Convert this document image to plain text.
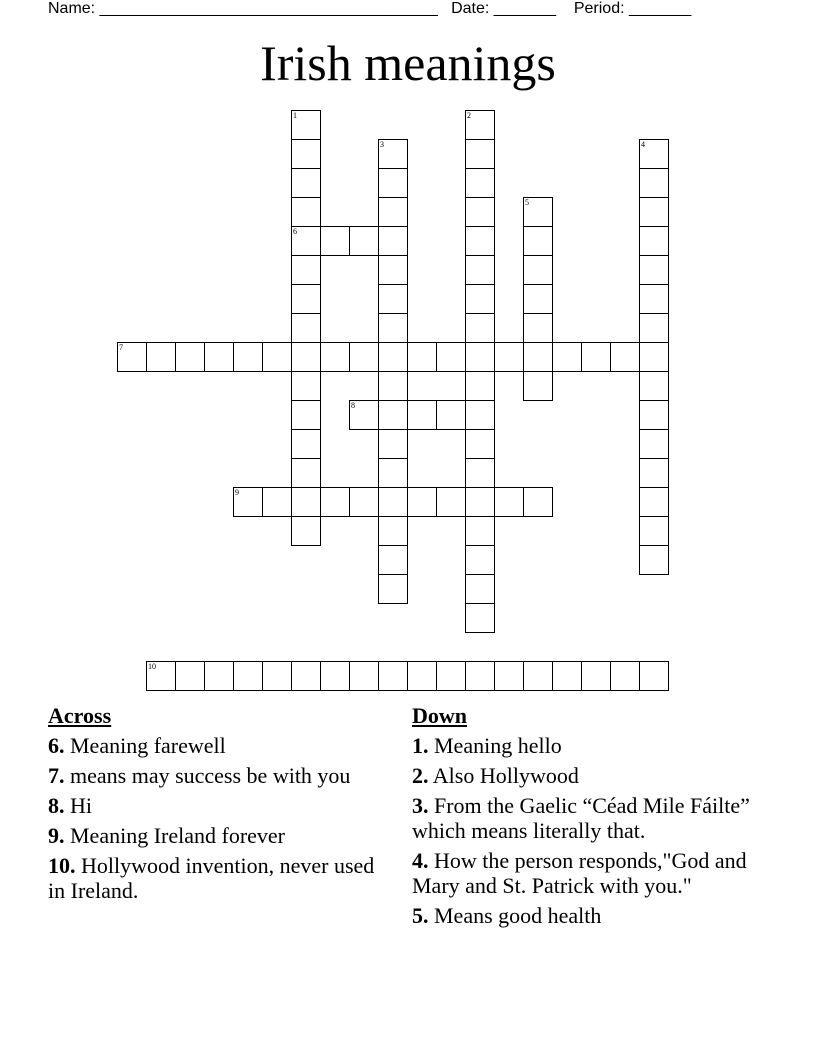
Name: ______________________________________ Date: _______ Period: _______
Irish meanings
1
6
2
3	4
5
7
8
9
10
Across
6. Meaning farewell
7. means may success be with you
8. Hi
9. Meaning Ireland forever
10. Hollywood invention, never used in Ireland.
Down
1. Meaning hello
2. Also Hollywood
3. From the Gaelic “Céad Mile Fáilte” which means literally that.
4. How the person responds,"God and Mary and St. Patrick with you."
5. Means good health
